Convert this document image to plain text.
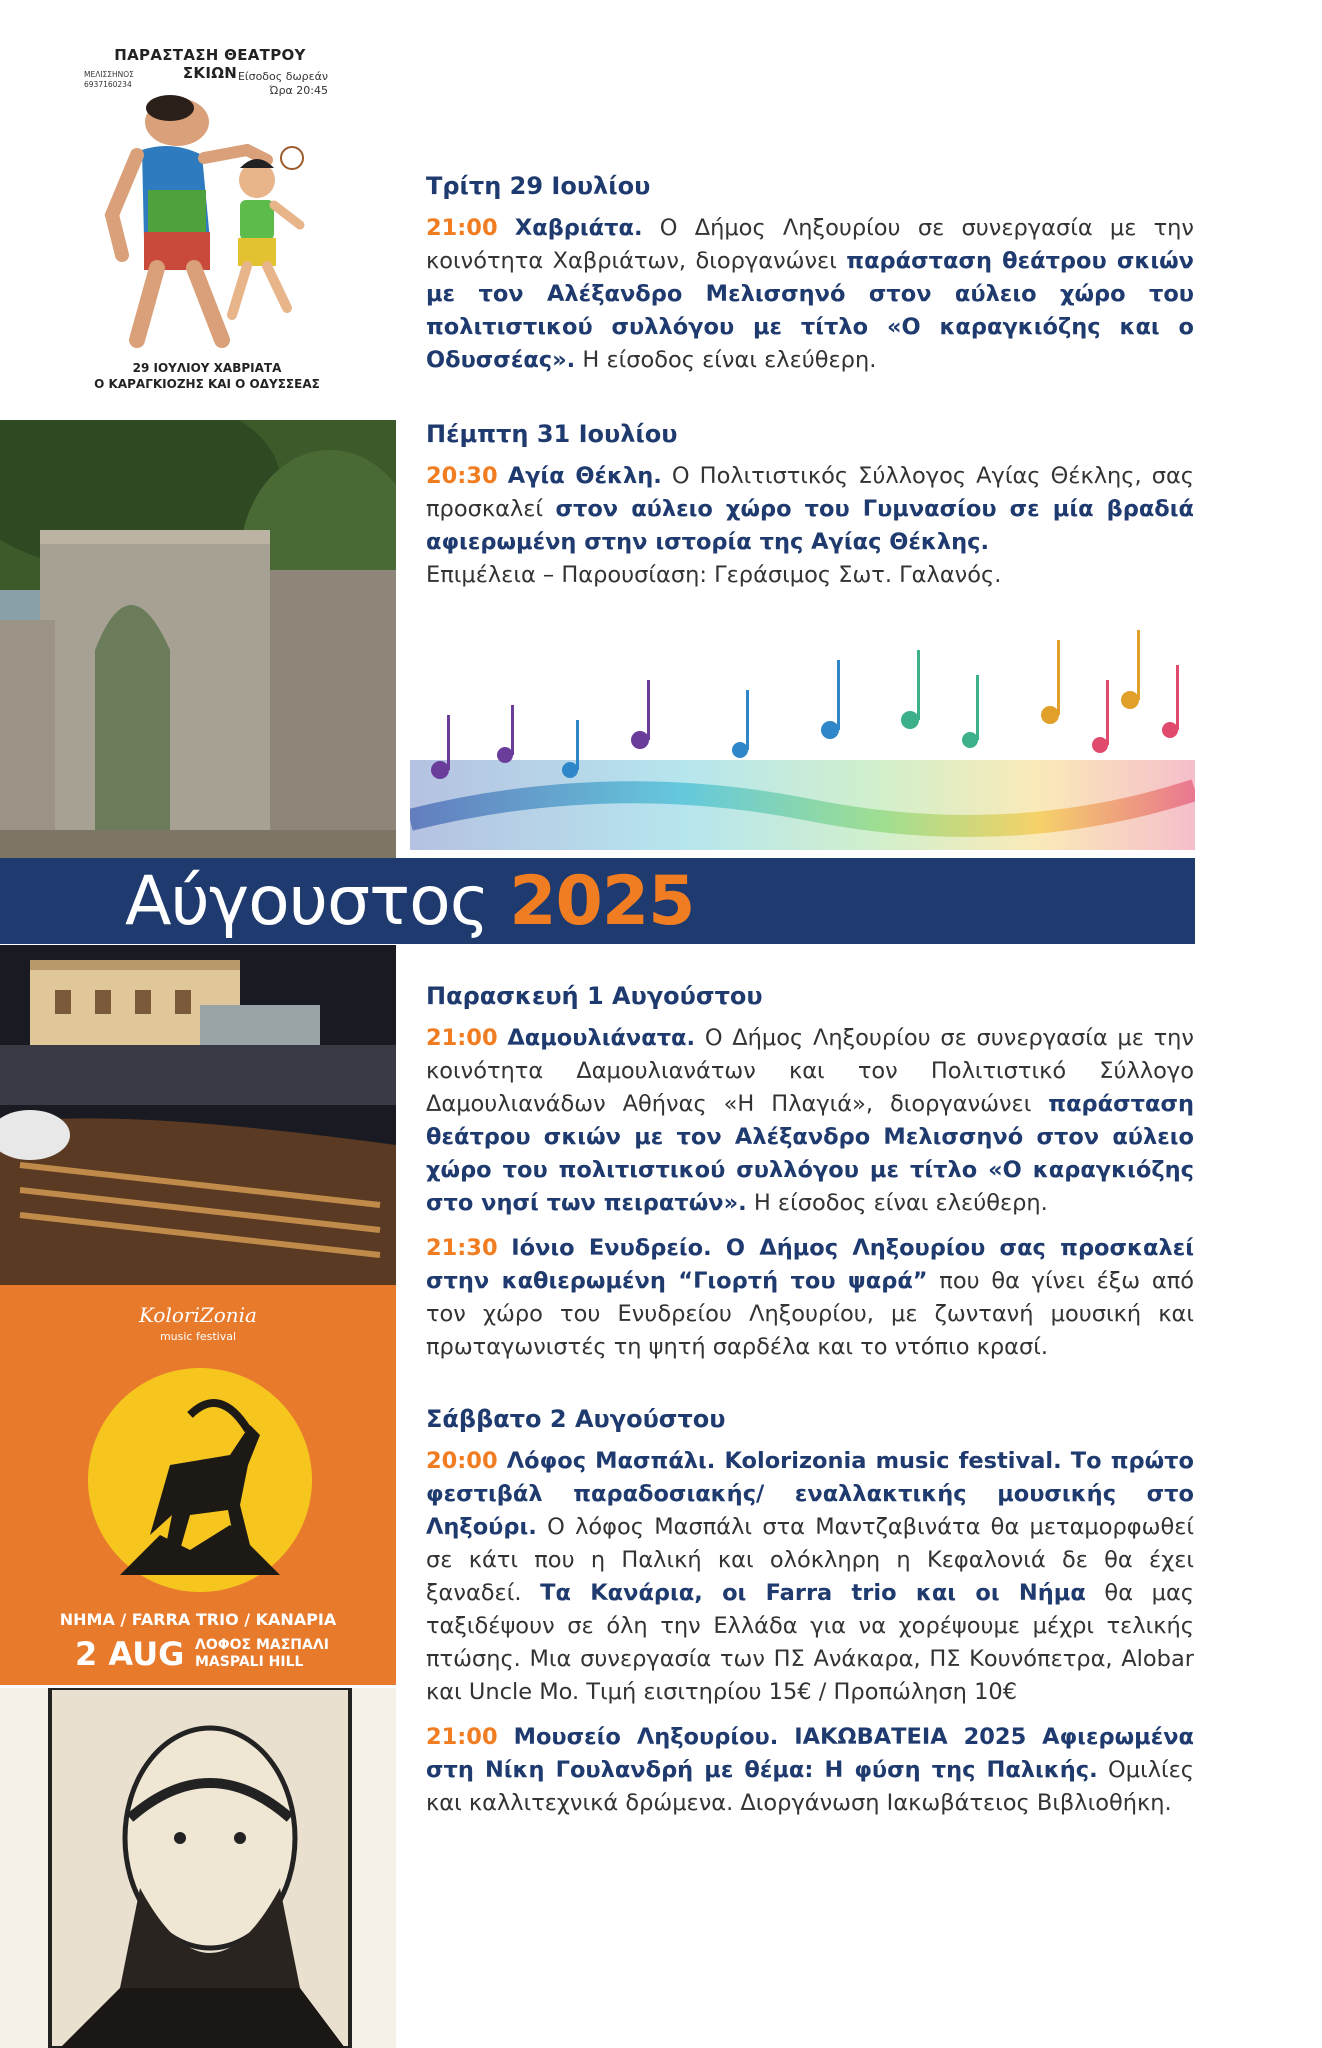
ΠΑΡΑΣΤΑΣΗ ΘΕΑΤΡΟΥ ΣΚΙΩΝ
ΜΕΛΙΣΣΗΝΟΣ
6937160234
Είσοδος δωρεάν
Ώρα 20:45
29 ΙΟΥΛΙΟΥ ΧΑΒΡΙΑΤΑ
Ο ΚΑΡΑΓΚΙΟΖΗΣ ΚΑΙ Ο ΟΔΥΣΣΕΑΣ
Αύγουστος 2025
KoloriZonia
music festival
ΝΗΜΑ / FARRA TRIO / ΚΑΝΑΡΙΑ
2 AUG ΛΟΦΟΣ ΜΑΣΠΑΛΙ
MASPALI HILL
Τρίτη 29 Ιουλίου

21:00 Χαβριάτα. Ο Δήμος Ληξουρίου σε συνεργασία με την κοινότητα Χαβριάτων, διοργανώνει παράσταση θεάτρου σκιών με τον Αλέξανδρο Μελισσηνό στον αύλειο χώρο του πολιτιστικού συλλόγου με τίτλο «Ο καραγκιόζης και ο Οδυσσέας». Η είσοδος είναι ελεύθερη.

Πέμπτη 31 Ιουλίου

20:30 Αγία Θέκλη. Ο Πολιτιστικός Σύλλογος Αγίας Θέκλης, σας προσκαλεί στον αύλειο χώρο του Γυμνασίου σε μία βραδιά αφιερωμένη στην ιστορία της Αγίας Θέκλης.

Επιμέλεια – Παρουσίαση: Γεράσιμος Σωτ. Γαλανός.

Παρασκευή 1 Αυγούστου

21:00 Δαμουλιάνατα. Ο Δήμος Ληξουρίου σε συνεργασία με την κοινότητα Δαμουλιανάτων και τον Πολιτιστικό Σύλλογο Δαμουλιανάδων Αθήνας «Η Πλαγιά», διοργανώνει παράσταση θεάτρου σκιών με τον Αλέξανδρο Μελισσηνό στον αύλειο χώρο του πολιτιστικού συλλόγου με τίτλο «Ο καραγκιόζης στο νησί των πειρατών». Η είσοδος είναι ελεύθερη.

21:30 Ιόνιο Ενυδρείο. Ο Δήμος Ληξουρίου σας προσκαλεί στην καθιερωμένη “Γιορτή του ψαρά” που θα γίνει έξω από τον χώρο του Ενυδρείου Ληξουρίου, με ζωντανή μουσική και πρωταγωνιστές τη ψητή σαρδέλα και το ντόπιο κρασί.

Σάββατο 2 Αυγούστου

20:00 Λόφος Μασπάλι. Kolorizonia music festival. Το πρώτο φεστιβάλ παραδοσιακής/ εναλλακτικής μουσικής στο Ληξούρι. Ο λόφος Μασπάλι στα Μαντζαβινάτα θα μεταμορφωθεί σε κάτι που η Παλική και ολόκληρη η Κεφαλονιά δε θα έχει ξαναδεί. Τα Κανάρια, οι Farra trio και οι Νήμα θα μας ταξιδέψουν σε όλη την Ελλάδα για να χορέψουμε μέχρι τελικής πτώσης. Μια συνεργασία των ΠΣ Ανάκαρα, ΠΣ Κουνόπετρα, Alobar και Uncle Mo. Τιμή εισιτηρίου 15€ / Προπώληση 10€

21:00 Μουσείο Ληξουρίου. ΙΑΚΩΒΑΤΕΙΑ 2025 Αφιερωμένα στη Νίκη Γουλανδρή με θέμα: Η φύση της Παλικής. Ομιλίες και καλλιτεχνικά δρώμενα. Διοργάνωση Ιακωβάτειος Βιβλιοθήκη.
